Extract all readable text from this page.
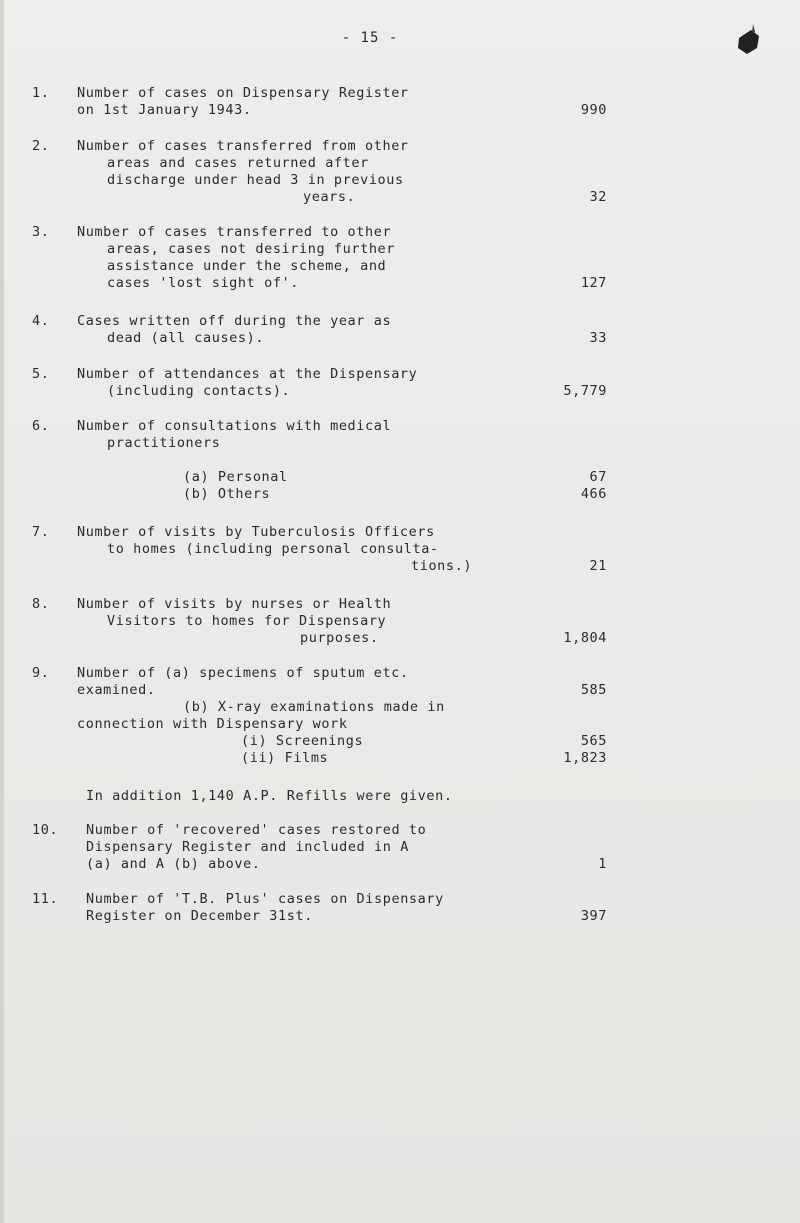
- 15 -
1. Number of cases on Dispensary Register
on 1st January 1943.	990
2. Number of cases transferred from other
areas and cases returned after
discharge under head 3 in previous
years.	32
3. Number of cases transferred to other
areas, cases not desiring further
assistance under the scheme, and
cases 'lost sight of'.	127
4. Cases written off during the year as
dead (all causes).	33
5. Number of attendances at the Dispensary
(including contacts).	5,779
6. Number of consultations with medical
practitioners
(a) Personal	67
(b) Others	466
7. Number of visits by Tuberculosis Officers
to homes (including personal consulta-
tions.)	21
8. Number of visits by nurses or Health
Visitors to homes for Dispensary
purposes.	1,804
9. Number of (a) specimens of sputum etc.
examined.	585
(b) X-ray examinations made in
connection with Dispensary work
(i) Screenings	565
(ii) Films	1,823
In addition 1,140 A.P. Refills were given.
10. Number of 'recovered' cases restored to
Dispensary Register and included in A
(a) and A (b) above.	1
11. Number of 'T.B. Plus' cases on Dispensary
Register on December 31st.	397
